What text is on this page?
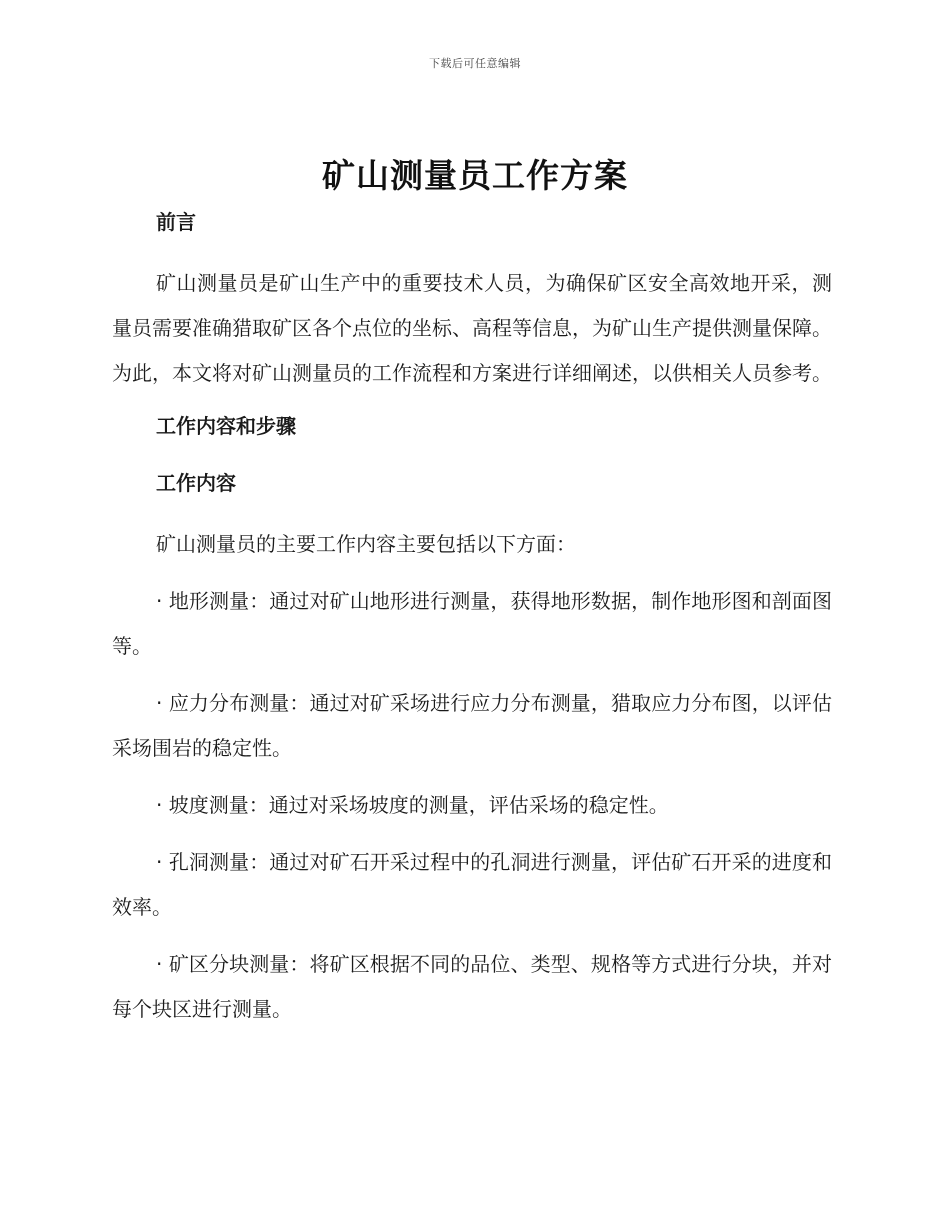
下载后可任意编辑
矿山测量员工作方案
前言

矿山测量员是矿山生产中的重要技术人员，为确保矿区安全高效地开采，测量员需要准确猎取矿区各个点位的坐标、高程等信息，为矿山生产提供测量保障。为此，本文将对矿山测量员的工作流程和方案进行详细阐述，以供相关人员参考。

工作内容和步骤
工作内容

矿山测量员的主要工作内容主要包括以下方面：

· 地形测量：通过对矿山地形进行测量，获得地形数据，制作地形图和剖面图等。

· 应力分布测量：通过对矿采场进行应力分布测量，猎取应力分布图，以评估采场围岩的稳定性。

· 坡度测量：通过对采场坡度的测量，评估采场的稳定性。

· 孔洞测量：通过对矿石开采过程中的孔洞进行测量，评估矿石开采的进度和效率。

· 矿区分块测量：将矿区根据不同的品位、类型、规格等方式进行分块，并对每个块区进行测量。
